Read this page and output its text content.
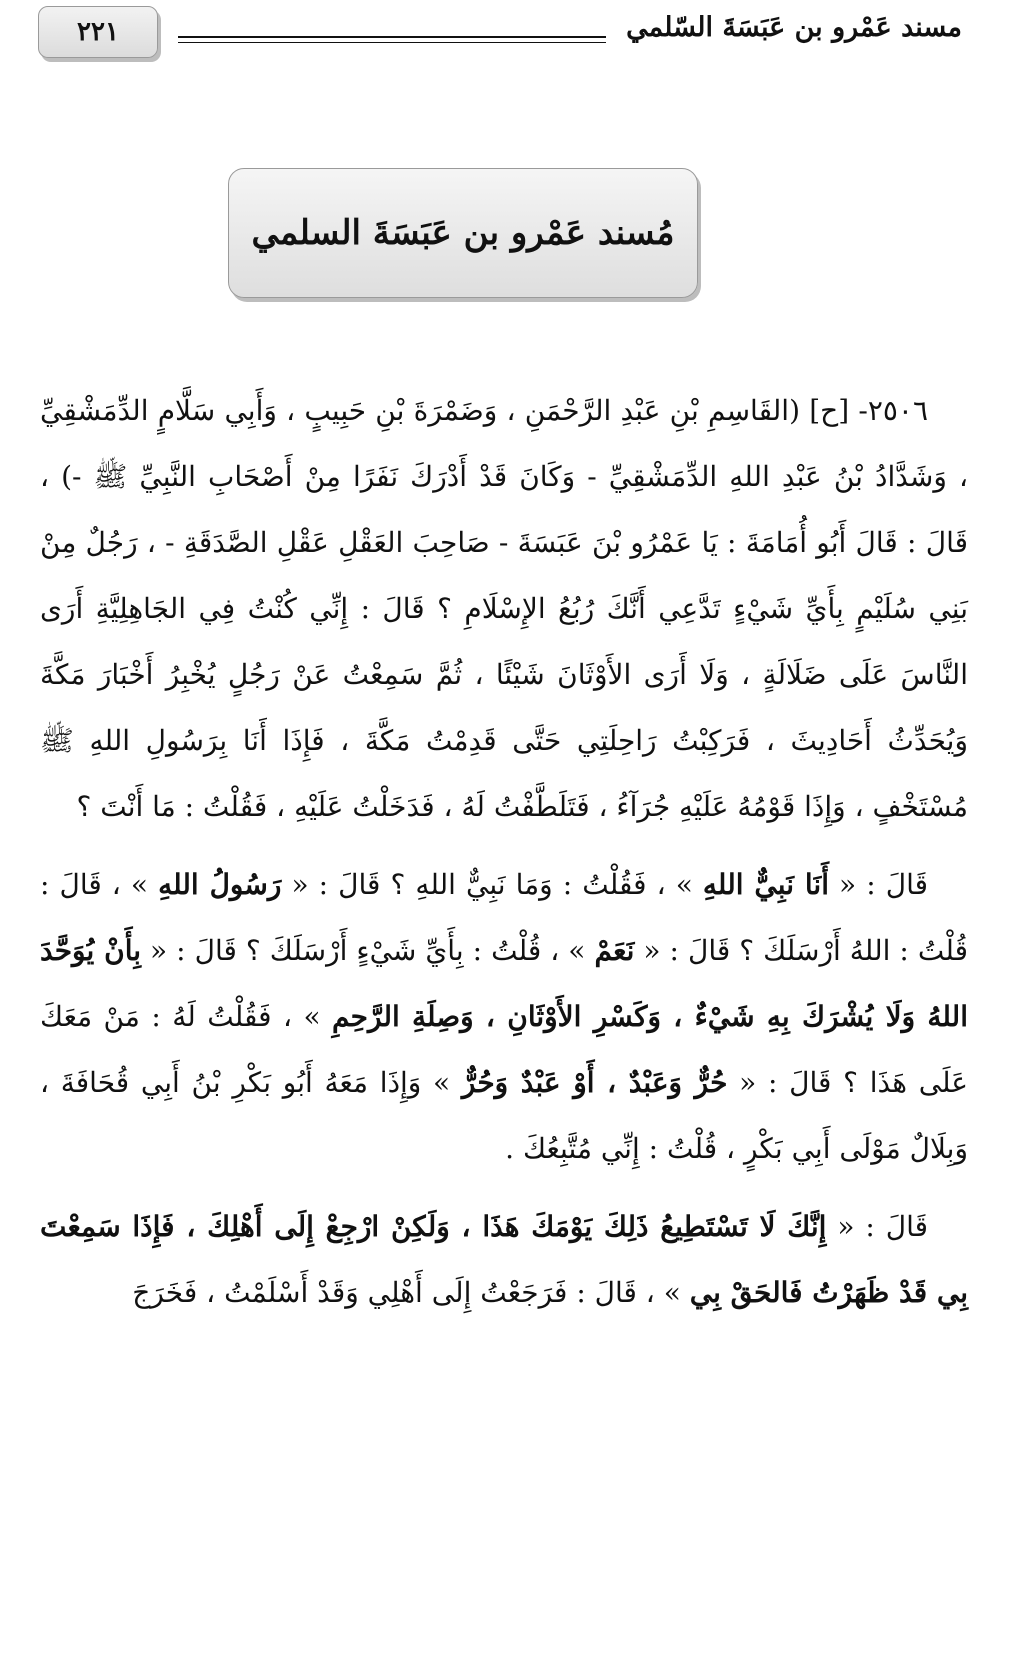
٢٢١	مسند عَمْرو بن عَبَسَةَ السّلمي
مُسند عَمْرو بن عَبَسَةَ السلمي

٢٥٠٦- [ح] (القَاسِمِ بْنِ عَبْدِ الرَّحْمَنِ ، وَضَمْرَةَ بْنِ حَبِيبٍ ، وَأَبِي سَلَّامٍ الدِّمَشْقِيِّ ، وَشَدَّادُ بْنُ عَبْدِ اللهِ الدِّمَشْقِيِّ - وَكَانَ قَدْ أَدْرَكَ نَفَرًا مِنْ أَصْحَابِ النَّبِيِّ ﷺ -) ، قَالَ : قَالَ أَبُو أُمَامَةَ : يَا عَمْرُو بْنَ عَبَسَةَ - صَاحِبَ العَقْلِ عَقْلِ الصَّدَقَةِ - ، رَجُلٌ مِنْ بَنِي سُلَيْمٍ بِأَيِّ شَيْءٍ تَدَّعِي أَنَّكَ رُبُعُ الإِسْلَامِ ؟ قَالَ : إِنِّي كُنْتُ فِي الجَاهِلِيَّةِ أَرَى النَّاسَ عَلَى ضَلَالَةٍ ، وَلَا أَرَى الأَوْثَانَ شَيْئًا ، ثُمَّ سَمِعْتُ عَنْ رَجُلٍ يُخْبِرُ أَخْبَارَ مَكَّةَ وَيُحَدِّثُ أَحَادِيثَ ، فَرَكِبْتُ رَاحِلَتِي حَتَّى قَدِمْتُ مَكَّةَ ، فَإِذَا أَنَا بِرَسُولِ اللهِ ﷺ مُسْتَخْفٍ ، وَإِذَا قَوْمُهُ عَلَيْهِ جُرَآءُ ، فَتَلَطَّفْتُ لَهُ ، فَدَخَلْتُ عَلَيْهِ ، فَقُلْتُ : مَا أَنْتَ ؟

قَالَ : « أَنَا نَبِيٌّ اللهِ » ، فَقُلْتُ : وَمَا نَبِيٌّ اللهِ ؟ قَالَ : « رَسُولُ اللهِ » ، قَالَ : قُلْتُ : اللهُ أَرْسَلَكَ ؟ قَالَ : « نَعَمْ » ، قُلْتُ : بِأَيِّ شَيْءٍ أَرْسَلَكَ ؟ قَالَ : « بِأَنْ يُوَحَّدَ اللهُ وَلَا يُشْرَكَ بِهِ شَيْءٌ ، وَكَسْرِ الأَوْثَانِ ، وَصِلَةِ الرَّحِمِ » ، فَقُلْتُ لَهُ : مَنْ مَعَكَ عَلَى هَذَا ؟ قَالَ : « حُرٌّ وَعَبْدٌ ، أَوْ عَبْدٌ وَحُرٌّ » وَإِذَا مَعَهُ أَبُو بَكْرِ بْنُ أَبِي قُحَافَةَ ، وَبِلَالٌ مَوْلَى أَبِي بَكْرٍ ، قُلْتُ : إِنِّي مُتَّبِعُكَ .

قَالَ : « إِنَّكَ لَا تَسْتَطِيعُ ذَلِكَ يَوْمَكَ هَذَا ، وَلَكِنْ ارْجِعْ إِلَى أَهْلِكَ ، فَإِذَا سَمِعْتَ بِي قَدْ ظَهَرْتُ فَالحَقْ بِي » ، قَالَ : فَرَجَعْتُ إِلَى أَهْلِي وَقَدْ أَسْلَمْتُ ، فَخَرَجَ
